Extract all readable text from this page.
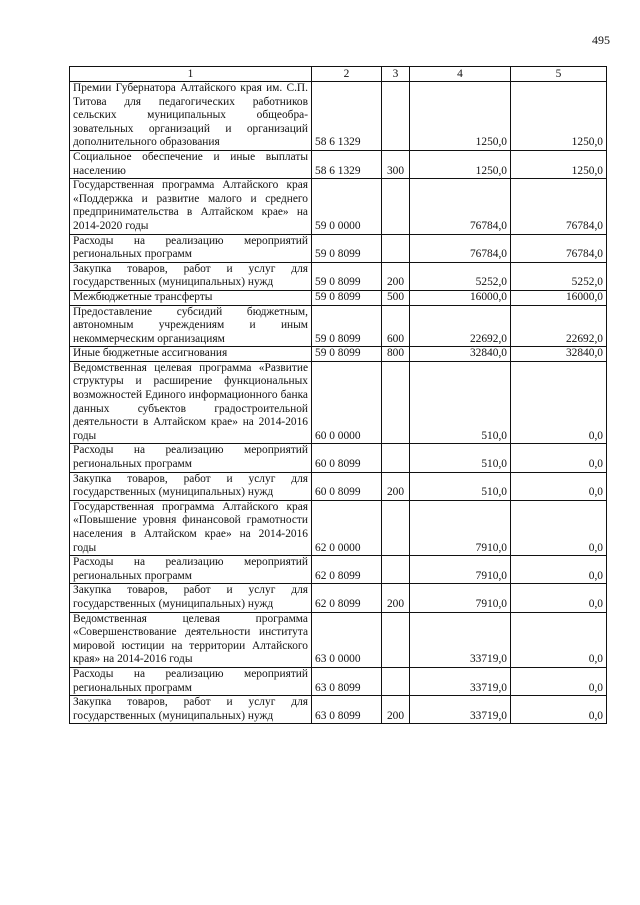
495
1	2	3	4	5
Премии Губернатора Алтайского края им. С.П. Титова для педагогических работников сельских муниципальных общеобразовательных организаций и организаций дополнительного образования	58 6 1329		1250,0	1250,0
Социальное обеспечение и иные выплаты населению	58 6 1329	300	1250,0	1250,0
Государственная программа Алтайского края «Поддержка и развитие малого и среднего предпринимательства в Алтайском крае» на 2014-2020 годы	59 0 0000		76784,0	76784,0
Расходы на реализацию мероприятий региональных программ	59 0 8099		76784,0	76784,0
Закупка товаров, работ и услуг для государственных (муниципальных) нужд	59 0 8099	200	5252,0	5252,0
Межбюджетные трансферты	59 0 8099	500	16000,0	16000,0
Предоставление субсидий бюджетным, автономным учреждениям и иным некоммерческим организациям	59 0 8099	600	22692,0	22692,0
Иные бюджетные ассигнования	59 0 8099	800	32840,0	32840,0
Ведомственная целевая программа «Развитие структуры и расширение функциональных возможностей Единого информационного банка данных субъектов градостроительной деятельности в Алтайском крае» на 2014-2016 годы	60 0 0000		510,0	0,0
Расходы на реализацию мероприятий региональных программ	60 0 8099		510,0	0,0
Закупка товаров, работ и услуг для государственных (муниципальных) нужд	60 0 8099	200	510,0	0,0
Государственная программа Алтайского края «Повышение уровня финансовой грамотности населения в Алтайском крае» на 2014-2016 годы	62 0 0000		7910,0	0,0
Расходы на реализацию мероприятий региональных программ	62 0 8099		7910,0	0,0
Закупка товаров, работ и услуг для государственных (муниципальных) нужд	62 0 8099	200	7910,0	0,0
Ведомственная целевая программа «Совершенствование деятельности института мировой юстиции на территории Алтайского края» на 2014-2016 годы	63 0 0000		33719,0	0,0
Расходы на реализацию мероприятий региональных программ	63 0 8099		33719,0	0,0
Закупка товаров, работ и услуг для государственных (муниципальных) нужд	63 0 8099	200	33719,0	0,0
